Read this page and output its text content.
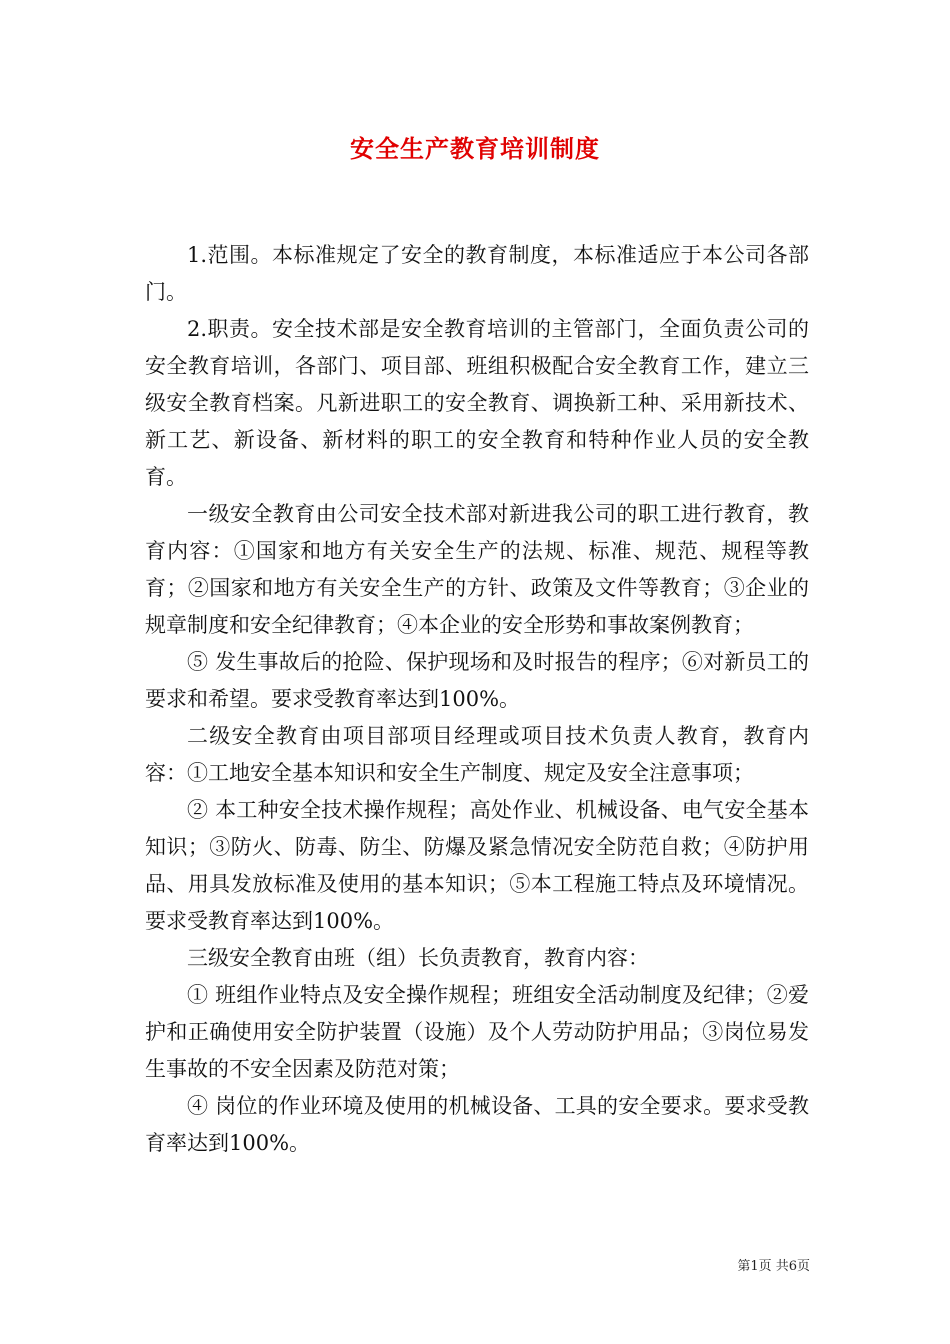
安全生产教育培训制度

1.范围。本标准规定了安全的教育制度，本标准适应于本公司各部门。

2.职责。安全技术部是安全教育培训的主管部门，全面负责公司的安全教育培训，各部门、项目部、班组积极配合安全教育工作，建立三级安全教育档案。凡新进职工的安全教育、调换新工种、采用新技术、新工艺、新设备、新材料的职工的安全教育和特种作业人员的安全教育。

一级安全教育由公司安全技术部对新进我公司的职工进行教育，教育内容：①国家和地方有关安全生产的法规、标准、规范、规程等教育；②国家和地方有关安全生产的方针、政策及文件等教育；③企业的规章制度和安全纪律教育；④本企业的安全形势和事故案例教育；

⑤ 发生事故后的抢险、保护现场和及时报告的程序；⑥对新员工的要求和希望。要求受教育率达到100%。

二级安全教育由项目部项目经理或项目技术负责人教育，教育内容：①工地安全基本知识和安全生产制度、规定及安全注意事项；

② 本工种安全技术操作规程；高处作业、机械设备、电气安全基本知识；③防火、防毒、防尘、防爆及紧急情况安全防范自救；④防护用品、用具发放标准及使用的基本知识；⑤本工程施工特点及环境情况。要求受教育率达到100%。

三级安全教育由班（组）长负责教育，教育内容：

① 班组作业特点及安全操作规程；班组安全活动制度及纪律；②爱护和正确使用安全防护装置（设施）及个人劳动防护用品；③岗位易发生事故的不安全因素及防范对策；

④ 岗位的作业环境及使用的机械设备、工具的安全要求。要求受教育率达到100%。

第1页 共6页
